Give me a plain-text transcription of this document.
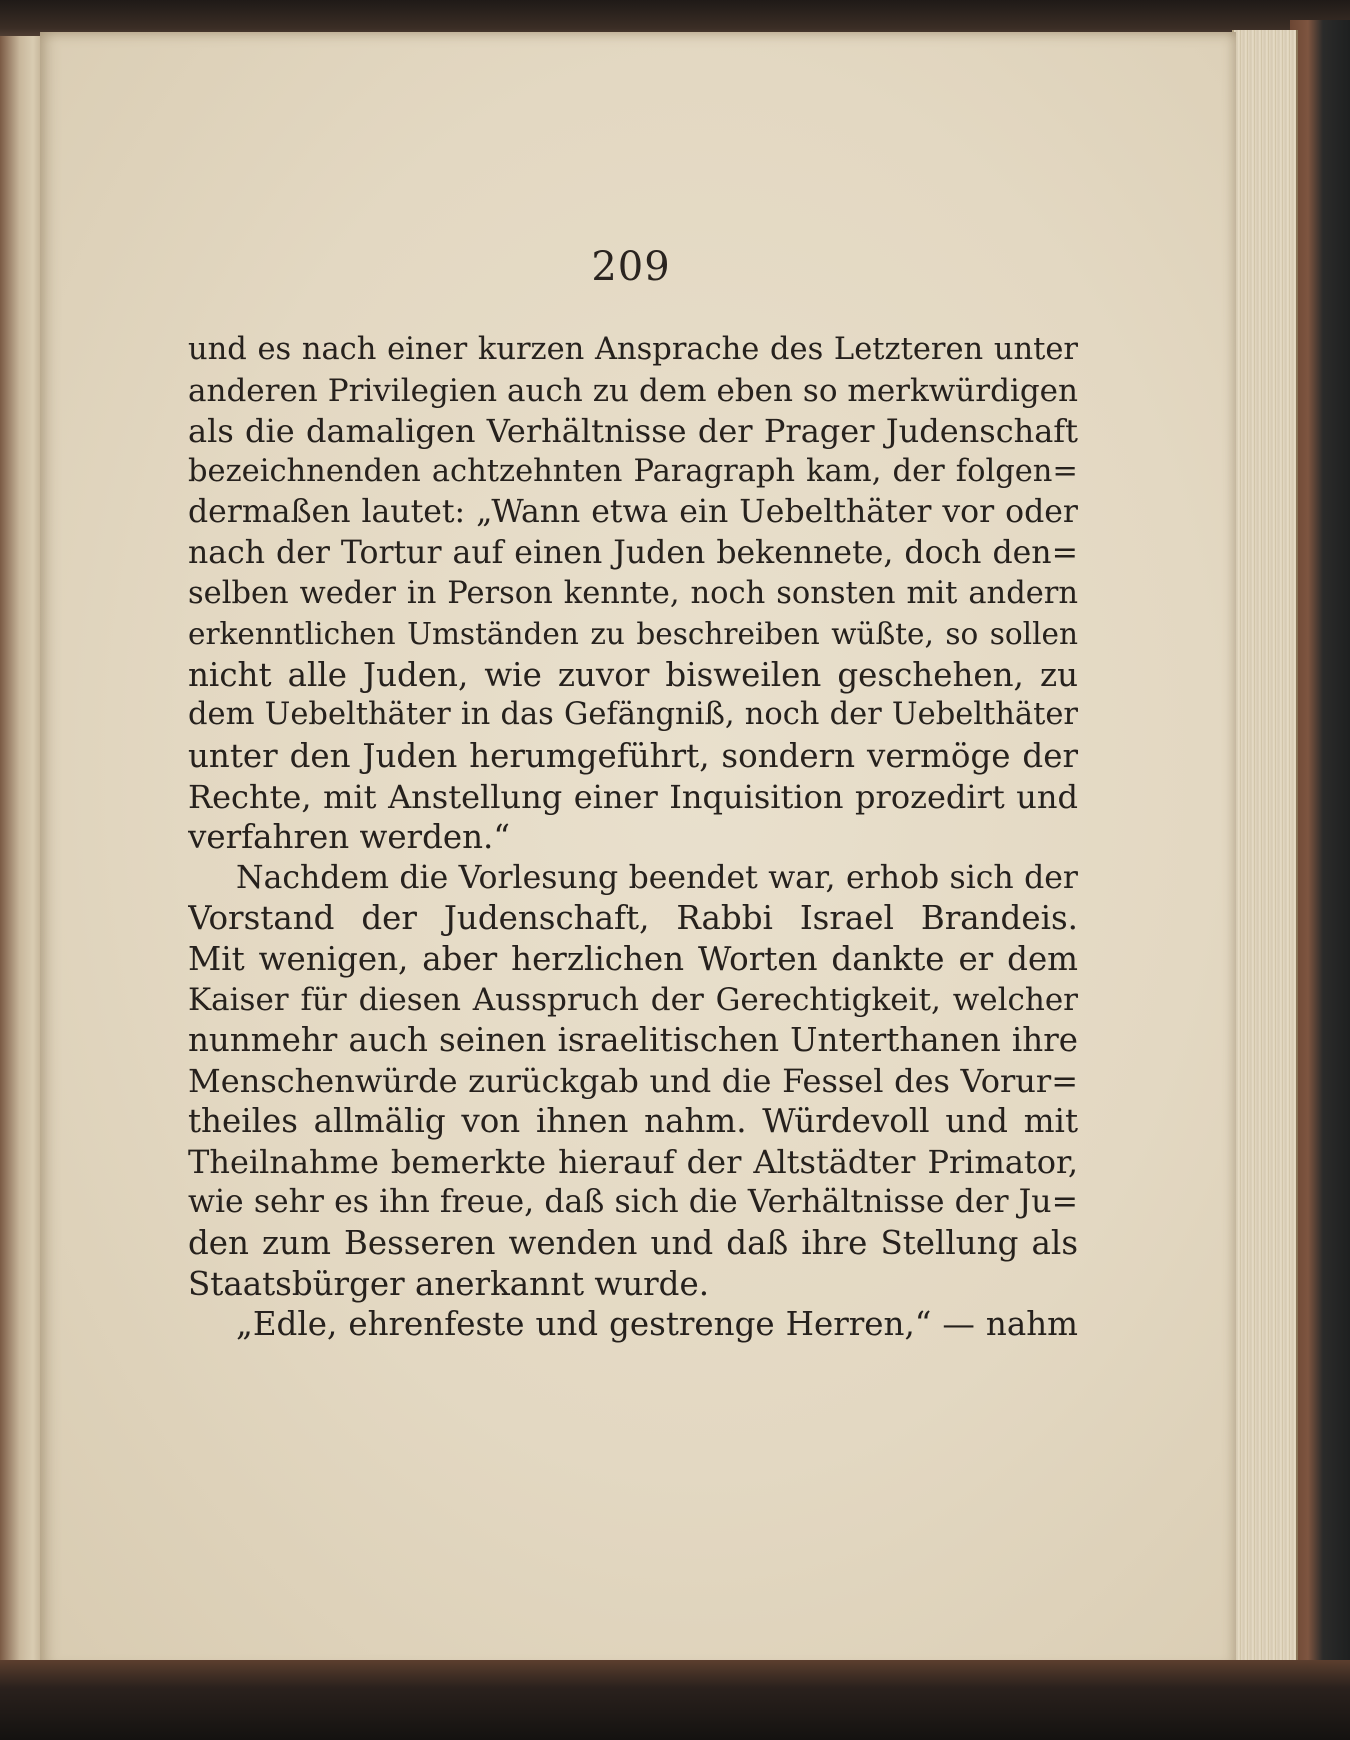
209
und es nach einer kurzen Ansprache des Letzteren unter
anderen Privilegien auch zu dem eben so merkwürdigen
als die damaligen Verhältnisse der Prager Judenschaft
bezeichnenden achtzehnten Paragraph kam, der folgen=
dermaßen lautet: „Wann etwa ein Uebelthäter vor oder
nach der Tortur auf einen Juden bekennete, doch den=
selben weder in Person kennte, noch sonsten mit andern
erkenntlichen Umständen zu beschreiben wüßte, so sollen
nicht alle Juden, wie zuvor bisweilen geschehen, zu
dem Uebelthäter in das Gefängniß, noch der Uebelthäter
unter den Juden herumgeführt, sondern vermöge der
Rechte, mit Anstellung einer Inquisition prozedirt und
verfahren werden.“
Nachdem die Vorlesung beendet war, erhob sich der
Vorstand der Judenschaft, Rabbi Israel Brandeis.
Mit wenigen, aber herzlichen Worten dankte er dem
Kaiser für diesen Ausspruch der Gerechtigkeit, welcher
nunmehr auch seinen israelitischen Unterthanen ihre
Menschenwürde zurückgab und die Fessel des Vorur=
theiles allmälig von ihnen nahm. Würdevoll und mit
Theilnahme bemerkte hierauf der Altstädter Primator,
wie sehr es ihn freue, daß sich die Verhältnisse der Ju=
den zum Besseren wenden und daß ihre Stellung als
Staatsbürger anerkannt wurde.
„Edle, ehrenfeste und gestrenge Herren,“ — nahm
